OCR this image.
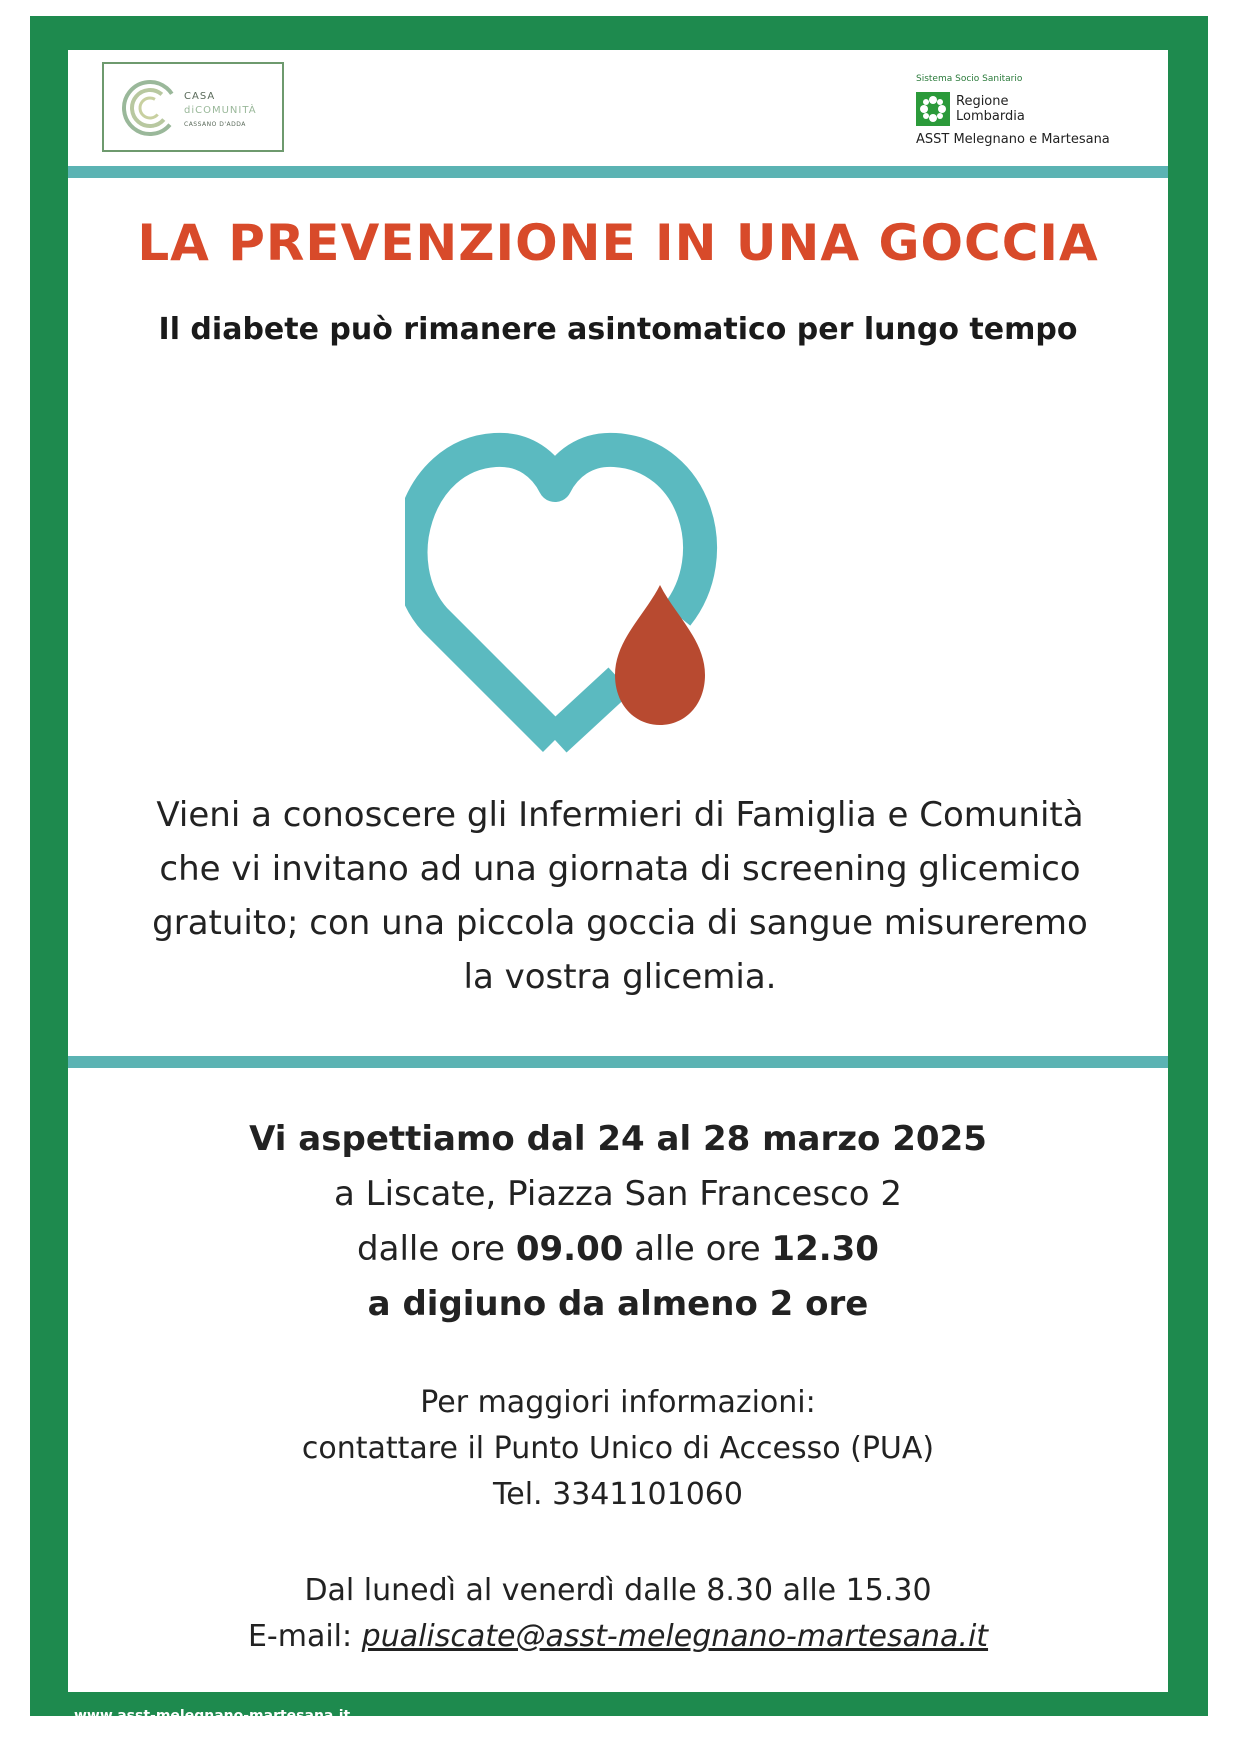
CASA
diCOMUNITÀ
CASSANO D'ADDA
Sistema Socio Sanitario
Regione
Lombardia
ASST Melegnano e Martesana
LA PREVENZIONE IN UNA GOCCIA
Il diabete può rimanere asintomatico per lungo tempo
Vieni a conoscere gli Infermieri di Famiglia e Comunità
che vi invitano ad una giornata di screening glicemico
gratuito; con una piccola goccia di sangue misureremo
la vostra glicemia.
Vi aspettiamo dal 24 al 28 marzo 2025
a Liscate, Piazza San Francesco 2
dalle ore 09.00 alle ore 12.30
a digiuno da almeno 2 ore
Per maggiori informazioni:
contattare il Punto Unico di Accesso (PUA)
Tel. 3341101060
Dal lunedì al venerdì dalle 8.30 alle 15.30
E-mail: pualiscate@asst-melegnano-martesana.it
www.asst-melegnano-martesana.it
